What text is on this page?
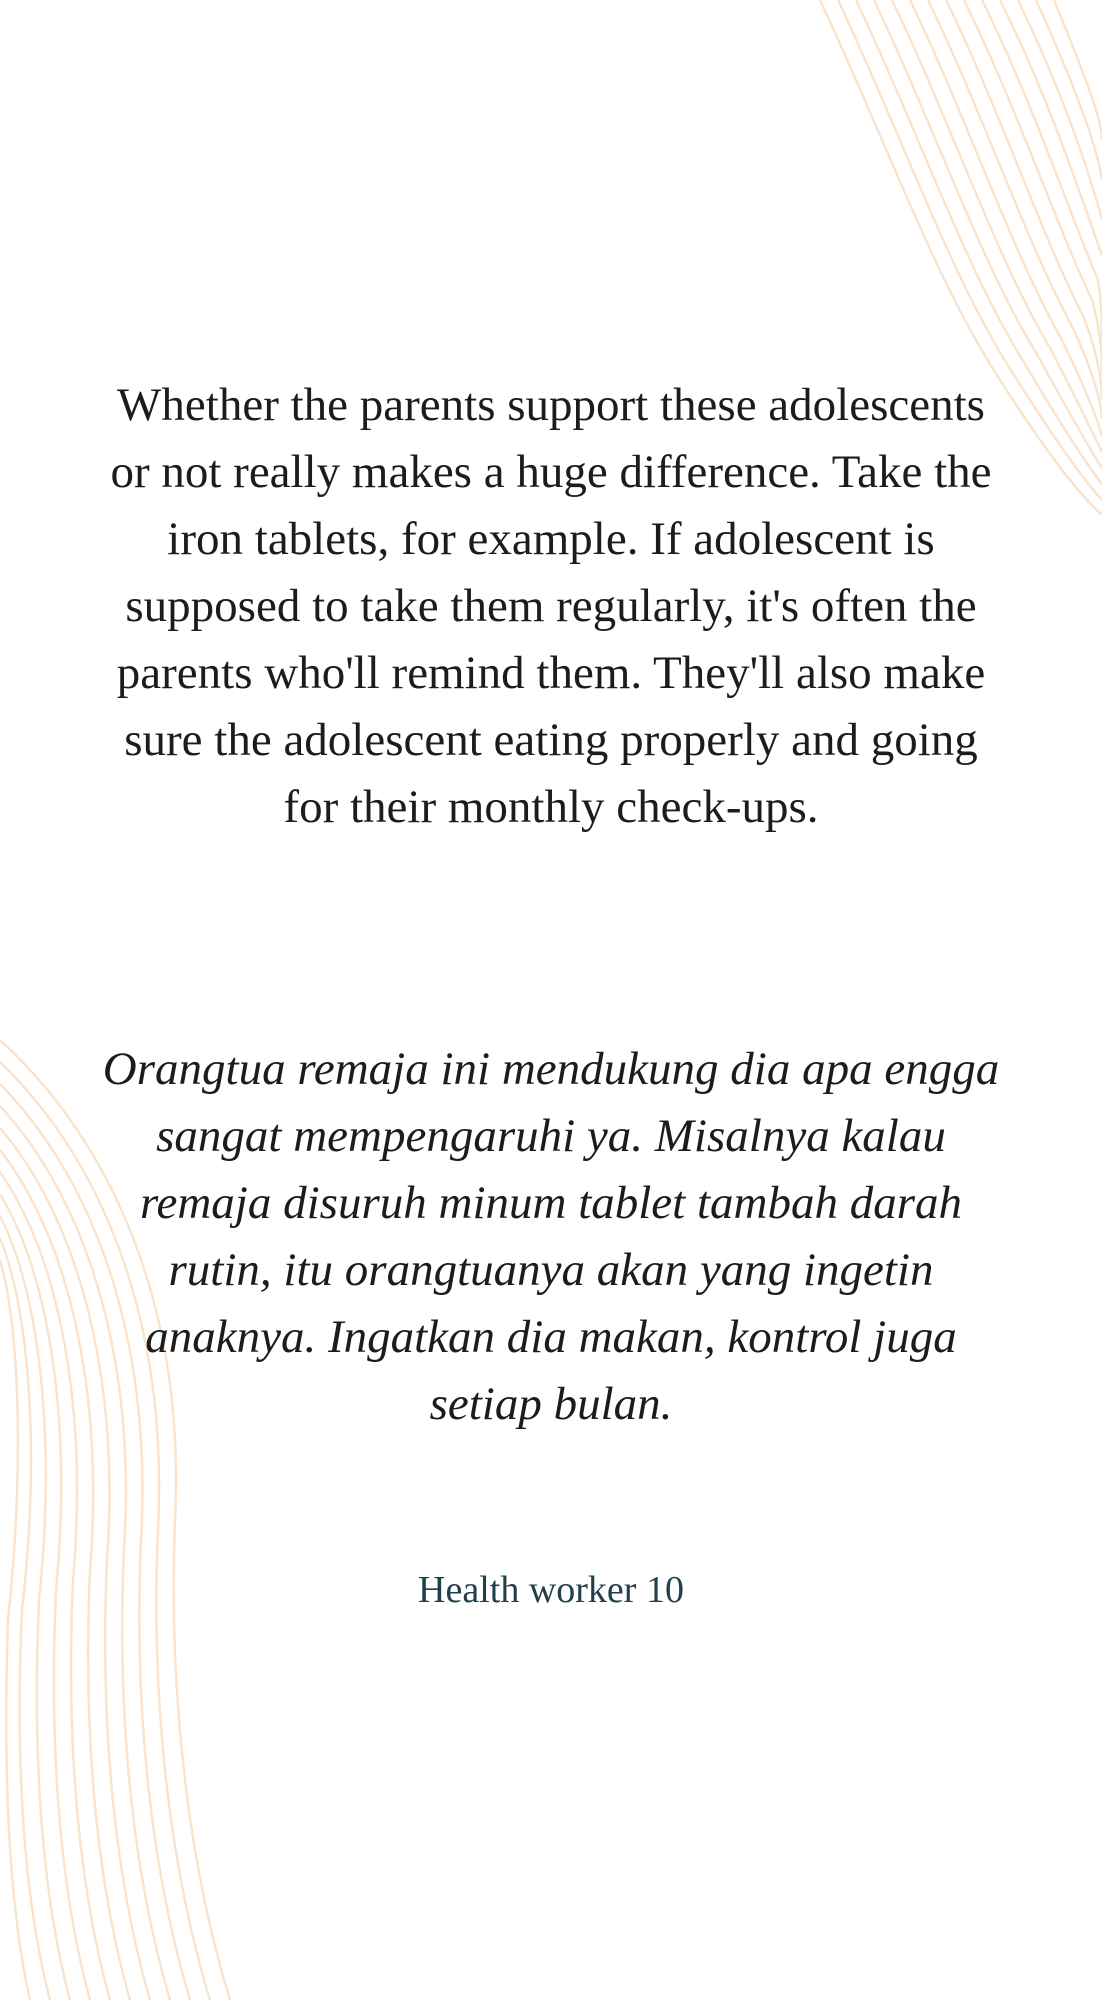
Whether the parents support these adolescents or not really makes a huge difference. Take the iron tablets, for example. If adolescent is supposed to take them regularly, it's often the parents who'll remind them. They'll also make sure the adolescent eating properly and going for their monthly check-ups.

Orangtua remaja ini mendukung dia apa engga sangat mempengaruhi ya. Misalnya kalau remaja disuruh minum tablet tambah darah rutin, itu orangtuanya akan yang ingetin anaknya. Ingatkan dia makan, kontrol juga setiap bulan.

Health worker 10
